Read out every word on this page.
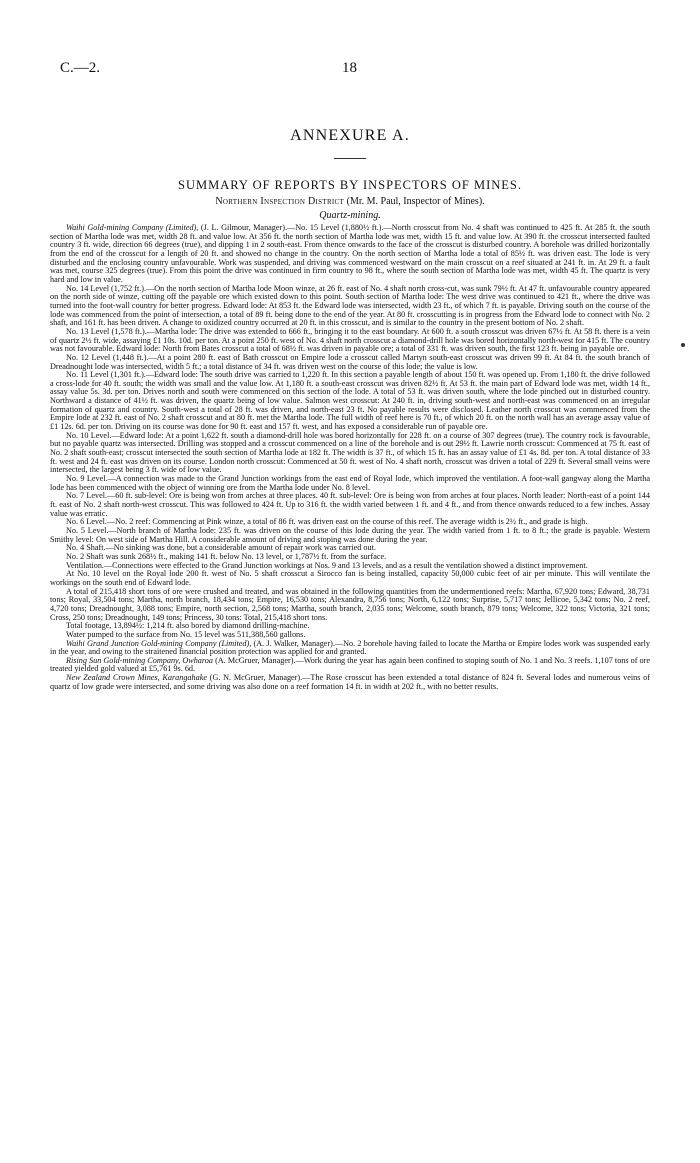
C.—2.	18
ANNEXURE A.
SUMMARY OF REPORTS BY INSPECTORS OF MINES.
Northern Inspection District (Mr. M. Paul, Inspector of Mines).
Quartz-mining.

Waihi Gold-mining Company (Limited), (J. L. Gilmour, Manager).—No. 15 Level (1,880½ ft.).—North crosscut from No. 4 shaft was continued to 425 ft. At 285 ft. the south section of Martha lode was met, width 28 ft. and value low. At 356 ft. the north section of Martha lode was met, width 15 ft. and value low. At 390 ft. the crosscut intersected faulted country 3 ft. wide, direction 66 degrees (true), and dipping 1 in 2 south-east. From thence onwards to the face of the crosscut is disturbed country. A borehole was drilled horizontally from the end of the crosscut for a length of 20 ft. and showed no change in the country. On the north section of Martha lode a total of 85½ ft. was driven east. The lode is very disturbed and the enclosing country unfavourable. Work was suspended, and driving was commenced westward on the main crosscut on a reef situated at 241 ft. in. At 29 ft. a fault was met, course 325 degrees (true). From this point the drive was continued in firm country to 98 ft., where the south section of Martha lode was met, width 45 ft. The quartz is very hard and low in value.

No. 14 Level (1,752 ft.).—On the north section of Martha lode Moon winze, at 26 ft. east of No. 4 shaft north cross-cut, was sunk 79½ ft. At 47 ft. unfavourable country appeared on the north side of winze, cutting off the payable ore which existed down to this point. South section of Martha lode: The west drive was continued to 421 ft., where the drive was turned into the foot-wall country for better progress. Edward lode: At 853 ft. the Edward lode was intersected, width 23 ft., of which 7 ft. is payable. Driving south on the course of the lode was commenced from the point of intersection, a total of 89 ft. being done to the end of the year. At 80 ft. crosscutting is in progress from the Edward lode to connect with No. 2 shaft, and 161 ft. has been driven. A change to oxidized country occurred at 20 ft. in this crosscut, and is similar to the country in the present bottom of No. 2 shaft.

No. 13 Level (1,578 ft.).—Martha lode: The drive was extended to 666 ft., bringing it to the east boundary. At 600 ft. a south crosscut was driven 67½ ft. At 58 ft. there is a vein of quartz 2½ ft. wide, assaying £1 10s. 10d. per ton. At a point 250 ft. west of No. 4 shaft north crosscut a diamond-drill hole was bored horizontally north-west for 415 ft. The country was not favourable. Edward lode: North from Bates crosscut a total of 68½ ft. was driven in payable ore; a total of 331 ft. was driven south, the first 123 ft. being in payable ore.

No. 12 Level (1,448 ft.).—At a point 280 ft. east of Bath crosscut on Empire lode a crosscut called Martyn south-east crosscut was driven 99 ft. At 84 ft. the south branch of Dreadnought lode was intersected, width 5 ft.; a total distance of 34 ft. was driven west on the course of this lode; the value is low.

No. 11 Level (1,301 ft.).—Edward lode: The south drive was carried to 1,220 ft. In this section a payable length of about 150 ft. was opened up. From 1,180 ft. the drive followed a cross-lode for 40 ft. south; the width was small and the value low. At 1,180 ft. a south-east crosscut was driven 82½ ft. At 53 ft. the main part of Edward lode was met, width 14 ft., assay value 5s. 3d. per ton. Drives north and south were commenced on this section of the lode. A total of 53 ft. was driven south, where the lode pinched out in disturbed country. Northward a distance of 41½ ft. was driven, the quartz being of low value. Salmon west crosscut: At 240 ft. in, driving south-west and north-east was commenced on an irregular formation of quartz and country. South-west a total of 28 ft. was driven, and north-east 23 ft. No payable results were disclosed. Leather north crosscut was commenced from the Empire lode at 232 ft. east of No. 2 shaft crosscut and at 80 ft. met the Martha lode. The full width of reef here is 70 ft., of which 20 ft. on the north wall has an average assay value of £1 12s. 6d. per ton. Driving on its course was done for 90 ft. east and 157 ft. west, and has exposed a considerable run of payable ore.

No. 10 Level.—Edward lode: At a point 1,622 ft. south a diamond-drill hole was bored horizontally for 228 ft. on a course of 307 degrees (true). The country rock is favourable, but no payable quartz was intersected. Drilling was stopped and a crosscut commenced on a line of the borehole and is out 29½ ft. Lawrie north crosscut: Commenced at 75 ft. east of No. 2 shaft south-east; crosscut intersected the south section of Martha lode at 182 ft. The width is 37 ft., of which 15 ft. has an assay value of £1 4s. 8d. per ton. A total distance of 33 ft. west and 24 ft. east was driven on its course. London north crosscut: Commenced at 50 ft. west of No. 4 shaft north, crosscut was driven a total of 229 ft. Several small veins were intersected, the largest being 3 ft. wide of low value.

No. 9 Level.—A connection was made to the Grand Junction workings from the east end of Royal lode, which improved the ventilation. A foot-wall gangway along the Martha lode has been commenced with the object of winning ore from the Martha lode under No. 8 level.

No. 7 Level.—60 ft. sub-level: Ore is being won from arches at three places. 40 ft. sub-level: Ore is being won from arches at four places. North leader: North-east of a point 144 ft. east of No. 2 shaft north-west crosscut. This was followed to 424 ft. Up to 316 ft. the width varied between 1 ft. and 4 ft., and from thence onwards reduced to a few inches. Assay value was erratic.

No. 6 Level.—No. 2 reef: Commencing at Pink winze, a total of 86 ft. was driven east on the course of this reef. The average width is 2½ ft., and grade is high.

No. 5 Level.—North branch of Martha lode: 235 ft. was driven on the course of this lode during the year. The width varied from 1 ft. to 8 ft.; the grade is payable. Western Smithy level: On west side of Martha Hill. A considerable amount of driving and stoping was done during the year.

No. 4 Shaft.—No sinking was done, but a considerable amount of repair work was carried out.

No. 2 Shaft was sunk 268½ ft., making 141 ft. below No. 13 level, or 1,787½ ft. from the surface.

Ventilation.—Connections were effected to the Grand Junction workings at Nos. 9 and 13 levels, and as a result the ventilation showed a distinct improvement.

At No. 10 level on the Royal lode 200 ft. west of No. 5 shaft crosscut a Sirocco fan is being installed, capacity 50,000 cubic feet of air per minute. This will ventilate the workings on the south end of Edward lode.

A total of 215,418 short tons of ore were crushed and treated, and was obtained in the following quantities from the undermentioned reefs: Martha, 67,920 tons; Edward, 38,731 tons; Royal, 33,504 tons; Martha, north branch, 18,434 tons; Empire, 16,530 tons; Alexandra, 8,756 tons; North, 6,122 tons; Surprise, 5,717 tons; Jellicoe, 5,342 tons; No. 2 reef, 4,720 tons; Dreadnought, 3,088 tons; Empire, north section, 2,568 tons; Martha, south branch, 2,035 tons; Welcome, south branch, 879 tons; Welcome, 322 tons; Victoria, 321 tons; Cross, 250 tons; Dreadnought, 149 tons; Princess, 30 tons: Total, 215,418 short tons.

Total footage, 13,894½: 1,214 ft. also bored by diamond drilling-machine.

Water pumped to the surface from No. 15 level was 511,388,560 gallons.

Waihi Grand Junction Gold-mining Company (Limited), (A. J. Walker, Manager).—No. 2 borehole having failed to locate the Martha or Empire lodes work was suspended early in the year, and owing to the straitened financial position protection was applied for and granted.

Rising Sun Gold-mining Company, Owharoa (A. McGruer, Manager).—Work during the year has again been confined to stoping south of No. 1 and No. 3 reefs. 1,107 tons of ore treated yielded gold valued at £5,761 9s. 6d.

New Zealand Crown Mines, Karangahake (G. N. McGruer, Manager).—The Rose crosscut has been extended a total distance of 824 ft. Several lodes and numerous veins of quartz of low grade were intersected, and some driving was also done on a reef formation 14 ft. in width at 202 ft., with no better results.
